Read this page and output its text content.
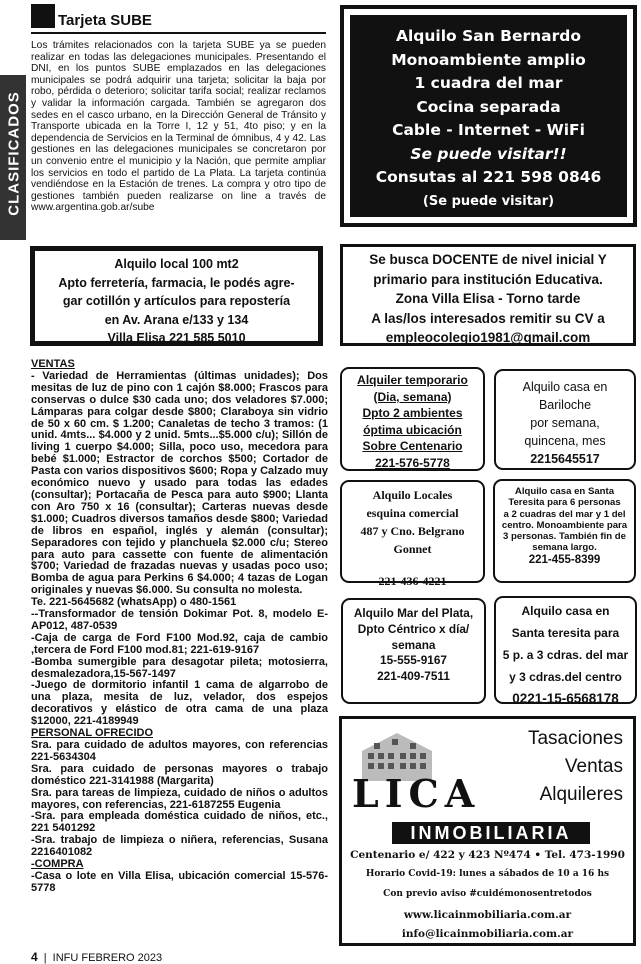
CLASIFICADOS
Tarjeta SUBE
Los trámites relacionados con la tarjeta SUBE ya se pueden realizar en todas las delegaciones municipales. Presentando el DNI, en los puntos SUBE emplazados en las delegaciones municipales se podrá adquirir una tarjeta; solicitar la baja por robo, pérdida o deterioro; solicitar tarifa social; realizar reclamos y validar la información cargada. También se agregaron dos sedes en el casco urbano, en la Dirección General de Tránsito y Transporte ubicada en la Torre I, 12 y 51, 4to piso; y en la dependencia de Servicios en la Terminal de ómnibus, 4 y 42. Las gestiones en las delegaciones municipales se concretaron por un convenio entre el municipio y la Nación, que permite ampliar los servicios en todo el partido de La Plata. La tarjeta continúa vendiéndose en la Estación de trenes. La compra y otro tipo de gestiones también pueden realizarse on line a través de www.argentina.gob.ar/sube
Alquilo San Bernardo
Monoambiente amplio
1 cuadra del mar
Cocina separada
Cable - Internet - WiFi
Se puede visitar!!
Consutas al 221 598 0846
(Se puede visitar)
Alquilo local 100 mt2
Apto ferretería, farmacia, le podés agre-
gar cotillón y artículos para repostería
en Av. Arana e/133 y 134
Villa Elisa 221 585 5010
Se busca DOCENTE de nivel inicial Y
primario para institución Educativa.
Zona Villa Elisa - Torno tarde
A las/los interesados remitir su CV a
empleocolegio1981@gmail.com
VENTAS
- Variedad de Herramientas (últimas unidades); Dos mesitas de luz de pino con 1 cajón $8.000; Frascos para conservas o dulce $30 cada uno; dos veladores $7.000; Lámparas para colgar desde $800; Claraboya sin vidrio de 50 x 60 cm. $ 1.200; Canaletas de techo 3 tramos: (1 unid. 4mts... $4.000 y 2 unid. 5mts...$5.000 c/u); Sillón de living 1 cuerpo $4.000; Silla, poco uso, mecedora para bebé $1.000; Estractor de corchos $500; Cortador de Pasta con varios dispositivos $600; Ropa y Calzado muy económico nuevo y usado para todas las edades (consultar); Portacaña de Pesca para auto $900; Llanta con Aro 750 x 16 (consultar); Carteras nuevas desde $1.000; Cuadros diversos tamaños desde $800; Variedad de libros en español, inglés y alemán (consultar); Separadores con tejido y planchuela $2.000 c/u; Stereo para auto para cassette con fuente de alimentación $700; Variedad de frazadas nuevas y usadas poco uso; Bomba de agua para Perkins 6 $4.000; 4 tazas de Logan originales y nuevas $6.000. Su consulta no molesta.
Te. 221-5645682 (whatsApp) o 480-1561
--Transformador de tensión Dokimar Pot. 8, modelo E-AP012, 487-0539
-Caja de carga de Ford F100 Mod.92, caja de cambio ,tercera de Ford F100 mod.81; 221-619-9167
-Bomba sumergible para desagotar pileta; motosierra, desmalezadora,15-567-1497
-Juego de dormitorio infantil 1 cama de algarrobo de una plaza, mesita de luz, velador, dos espejos decorativos y elástico de otra cama de una plaza $12000, 221-4189949
PERSONAL OFRECIDO
Sra. para cuidado de adultos mayores, con referencias 221-5634304
Sra. para cuidado de personas mayores o trabajo doméstico 221-3141988 (Margarita)
Sra. para tareas de limpieza, cuidado de niños o adultos mayores, con referencias, 221-6187255 Eugenia
-Sra. para empleada doméstica cuidado de niños, etc., 221 5401292
-Sra. trabajo de limpieza o niñera, referencias, Susana 2216401082
-COMPRA
-Casa o lote en Villa Elisa, ubicación comercial 15-576-5778
Alquiler temporario
(Dia, semana)
Dpto 2 ambientes
óptima ubicación
Sobre Centenario
221-576-5778
Alquilo casa en
Bariloche
por semana,
quincena, mes
2215645517
Alquilo Locales
esquina comercial
487 y Cno. Belgrano
Gonnet
221-436-4221
Alquilo casa en Santa
Teresita para 6 personas
a 2 cuadras del mar y 1 del
centro. Monoambiente para
3 personas. También fin de
semana largo.
221-455-8399
Alquilo Mar del Plata,
Dpto Céntrico x día/
semana
15-555-9167
221-409-7511
Alquilo casa en
Santa teresita para
5 p. a 3 cdras. del mar
y 3 cdras.del centro
0221-15-6568178
LICA
Tasaciones
Ventas
Alquileres
INMOBILIARIA
Centenario e/ 422 y 423 Nº474 • Tel. 473-1990
Horario Covid-19: lunes a sábados de 10 a 16 hs
Con previo aviso #cuidémonosentretodos
www.licainmobiliaria.com.ar
info@licainmobiliaria.com.ar
4 | INFU FEBRERO 2023
